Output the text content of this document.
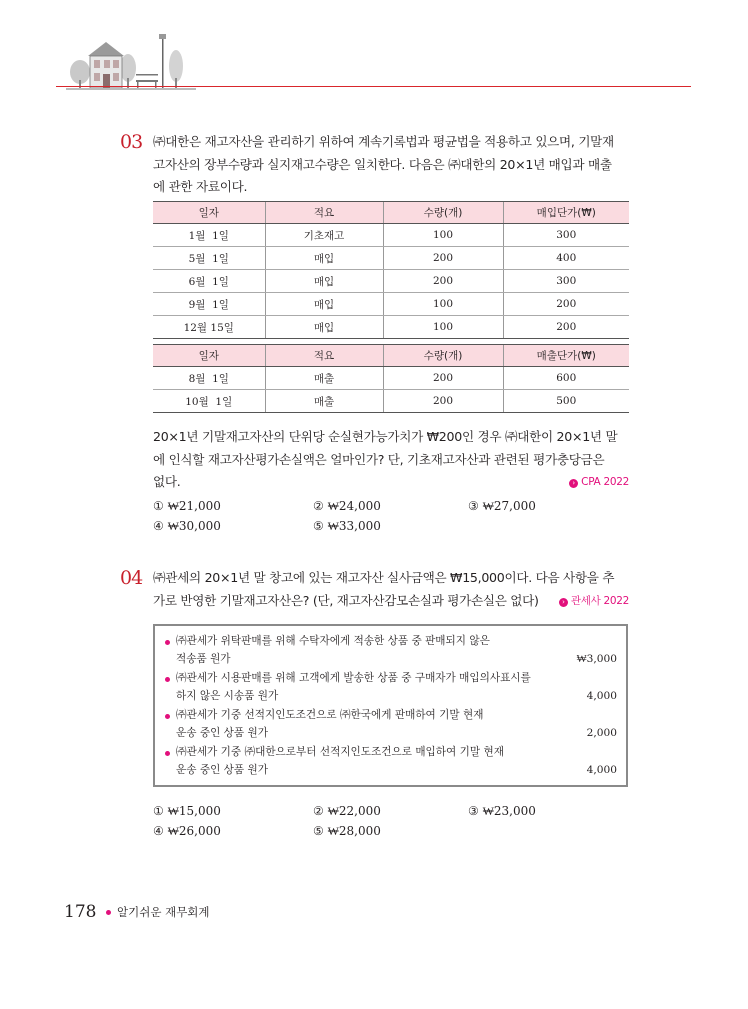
03 ㈜대한은 재고자산을 관리하기 위하여 계속기록법과 평균법을 적용하고 있으며, 기말재
고자산의 장부수량과 실지재고수량은 일치한다. 다음은 ㈜대한의 20×1년 매입과 매출
에 관한 자료이다.
일자	적요	수량(개)	매입단가(₩)
1월  1일	기초재고	100	300
5월  1일	매입	200	400
6월  1일	매입	200	300
9월  1일	매입	100	200
12월 15일	매입	100	200
일자	적요	수량(개)	매출단가(₩)
8월  1일	매출	200	600
10월  1일	매출	200	500
20×1년 기말재고자산의 단위당 순실현가능가치가 ₩200인 경우 ㈜대한이 20×1년 말
에 인식할 재고자산평가손실액은 얼마인가? 단, 기초재고자산과 관련된 평가충당금은
없다.	› CPA 2022
① ₩21,000	② ₩24,000	③ ₩27,000
④ ₩30,000	⑤ ₩33,000
04 ㈜관세의 20×1년 말 창고에 있는 재고자산 실사금액은 ₩15,000이다. 다음 사항을 추
가로 반영한 기말재고자산은? (단, 재고자산감모손실과 평가손실은 없다)	› 관세사 2022
㈜관세가 위탁판매를 위해 수탁자에게 적송한 상품 중 판매되지 않은
적송품 원가	₩3,000
㈜관세가 시용판매를 위해 고객에게 발송한 상품 중 구매자가 매입의사표시를
하지 않은 시송품 원가	4,000
㈜관세가 기중 선적지인도조건으로 ㈜한국에게 판매하여 기말 현재
운송 중인 상품 원가	2,000
㈜관세가 기중 ㈜대한으로부터 선적지인도조건으로 매입하여 기말 현재
운송 중인 상품 원가	4,000
① ₩15,000	② ₩22,000	③ ₩23,000
④ ₩26,000	⑤ ₩28,000
178 알기쉬운 재무회계
